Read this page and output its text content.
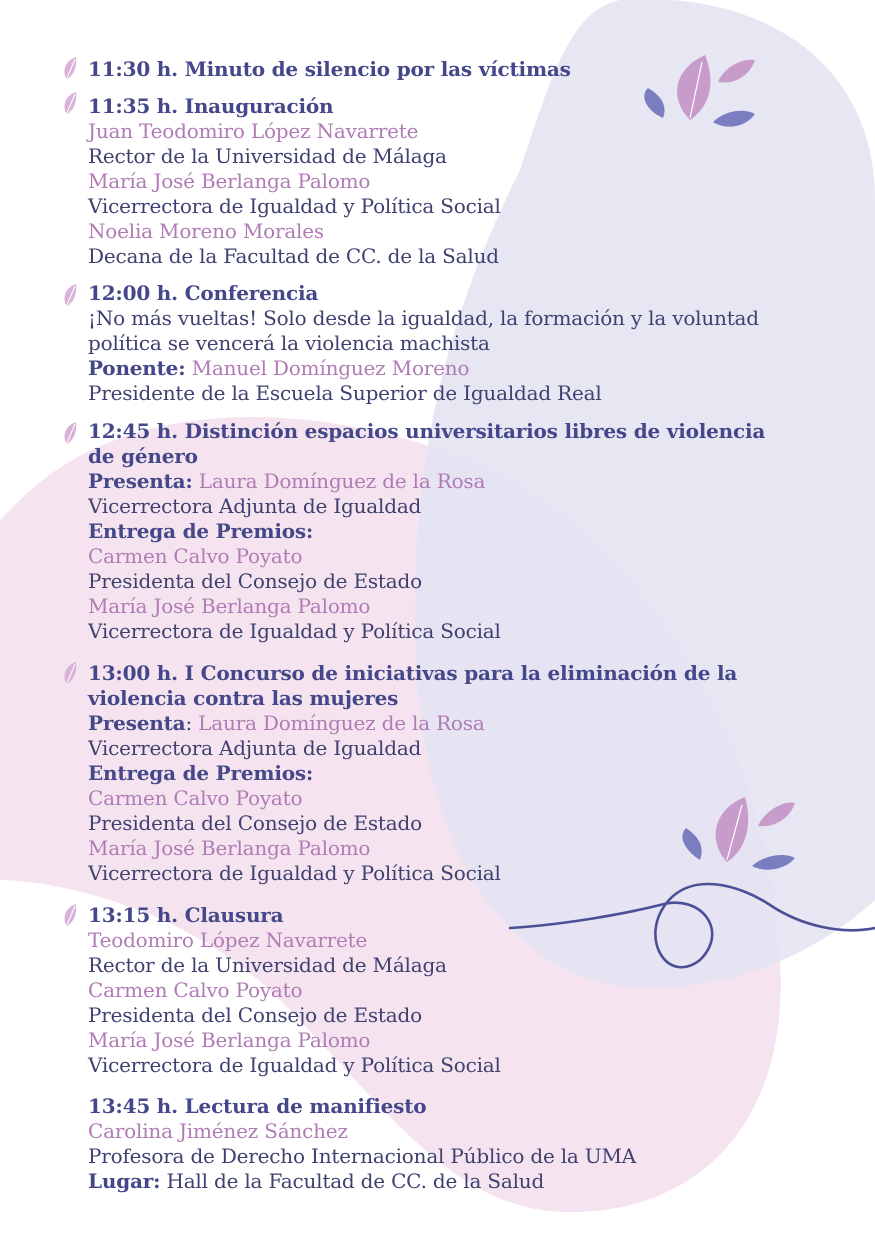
11:30 h. Minuto de silencio por las víctimas
11:35 h. Inauguración
Juan Teodomiro López Navarrete
Rector de la Universidad de Málaga
María José Berlanga Palomo
Vicerrectora de Igualdad y Política Social
Noelia Moreno Morales
Decana de la Facultad de CC. de la Salud
12:00 h. Conferencia
¡No más vueltas! Solo desde la igualdad, la formación y la voluntad política se vencerá la violencia machista
Ponente: Manuel Domínguez Moreno
Presidente de la Escuela Superior de Igualdad Real
12:45 h. Distinción espacios universitarios libres de violencia de género
Presenta: Laura Domínguez de la Rosa
Vicerrectora Adjunta de Igualdad
Entrega de Premios:
Carmen Calvo Poyato
Presidenta del Consejo de Estado
María José Berlanga Palomo
Vicerrectora de Igualdad y Política Social
13:00 h. I Concurso de iniciativas para la eliminación de la violencia contra las mujeres
Presenta: Laura Domínguez de la Rosa
Vicerrectora Adjunta de Igualdad
Entrega de Premios:
Carmen Calvo Poyato
Presidenta del Consejo de Estado
María José Berlanga Palomo
Vicerrectora de Igualdad y Política Social
13:15 h. Clausura
Teodomiro López Navarrete
Rector de la Universidad de Málaga
Carmen Calvo Poyato
Presidenta del Consejo de Estado
María José Berlanga Palomo
Vicerrectora de Igualdad y Política Social
13:45 h. Lectura de manifiesto
Carolina Jiménez Sánchez
Profesora de Derecho Internacional Público de la UMA
Lugar: Hall de la Facultad de CC. de la Salud
